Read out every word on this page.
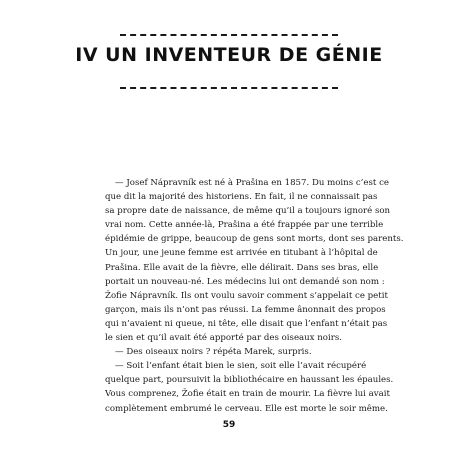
IV UN INVENTEUR DE GÉNIE
— Josef Nápravník est né à Prašina en 1857. Du moins c’est ce
que dit la majorité des historiens. En fait, il ne connaissait pas
sa propre date de naissance, de même qu’il a toujours ignoré son
vrai nom. Cette année-là, Prašina a été frappée par une terrible
épidémie de grippe, beaucoup de gens sont morts, dont ses parents.
Un jour, une jeune femme est arrivée en titubant à l’hôpital de
Prašina. Elle avait de la fièvre, elle délirait. Dans ses bras, elle
portait un nouveau-né. Les médecins lui ont demandé son nom :
Žofie Nápravník. Ils ont voulu savoir comment s’appelait ce petit
garçon, mais ils n’ont pas réussi. La femme ânonnait des propos
qui n’avaient ni queue, ni tête, elle disait que l’enfant n’était pas
le sien et qu’il avait été apporté par des oiseaux noirs.
— Des oiseaux noirs ? répéta Marek, surpris.
— Soit l’enfant était bien le sien, soit elle l’avait récupéré
quelque part, poursuivit la bibliothécaire en haussant les épaules.
Vous comprenez, Žofie était en train de mourir. La fièvre lui avait
complètement embrumé le cerveau. Elle est morte le soir même.
59
